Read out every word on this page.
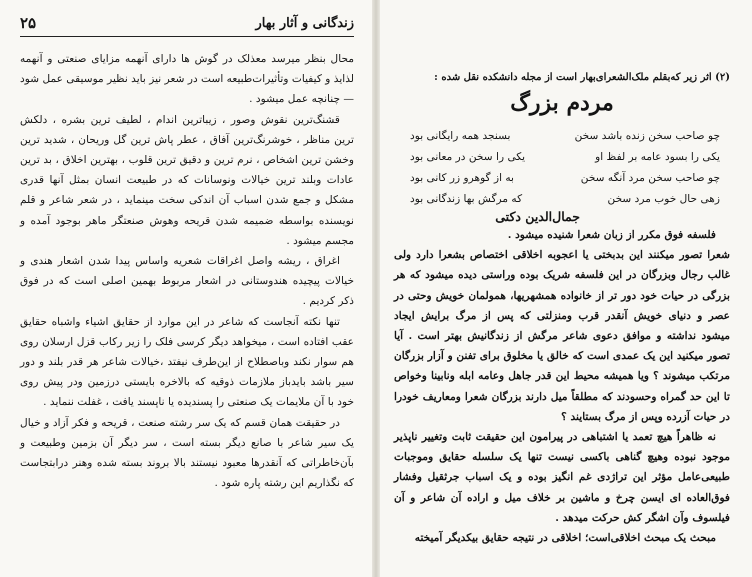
زندگانی و آثار بهار
۲۵

محال بنظر میرسد معذلک در گوش ها دارای آنهمه مزایای صنعتی و آنهمه لذایذ و کیفیات وتأثیرات‌طبیعه است در شعر نیز باید نظیر موسیقی عمل شود — چنانچه عمل میشود .

قشنگ‌ترین نقوش وصور ، زیباترین اندام ، لطیف ترین بشره ، دلکش ترین مناظر ، خوشرنگ‌ترین آفاق ، عطر پاش ترین گل وریحان ، شدید ترین وخشن ترین اشخاص ، نرم ترین و دقیق ترین قلوب ، بهترین اخلاق ، بد ترین عادات وبلند ترین خیالات ونوسانات که در طبیعت انسان بمثل آنها قدری مشکل و جمع شدن اسباب آن اندکی سخت مینماید ، در شعر شاعر و قلم نویسنده بواسطه ضمیمه شدن قریحه وهوش صنعتگر ماهر بوجود آمده و مجسم میشود .

اغراق ، ریشه واصل اغراقات شعریه واساس پیدا شدن اشعار هندی و خیالات پیچیده هندوستانی در اشعار مربوط بهمین اصلی است که در فوق ذکر کردیم .

تنها نکته آنجاست که شاعر در این موارد از حقایق اشیاء واشباه حقایق عقب‌ افتاده است ، میخواهد دیگر کرسی فلک را زیر رکاب قزل ارسلان روی هم سوار نکند وباصطلاح از این‌طرف نیفتد ،خیالات شاعر هر قدر بلند و دور سیر باشد بایدباز ملازمات ذوقیه که بالاخره بایستی درزمین ودر پیش روی خود با آن ملایمات یک صنعتی را پسندیده یا ناپسند یافت ، غفلت ننماید .

در حقیقت همان قسم که یک سر رشته صنعت ، قریحه و فکر آزاد و خیال یک سیر شاعر با صانع دیگر بسته است ، سر دیگر آن بزمین وطبیعت و بآن‌خاطراتی که آنقدرها معبود نیستند بالا بروند بسته شده وهنر درابتجاست که نگذاریم این رشته پاره شود .

(۲) اثر زیر که‌بقلم ملک‌الشعرای‌بهار است از مجله دانشکده نقل شده :
مردم بزرگ
چو صاحب سخن زنده باشد سخن
بسنجد همه رایگانی بود
یکی را بسود عامه بر لفظ او
یکی را سخن در معانی بود
چو صاحب سخن مرد آنگه سخن
به از گوهرو زر کانی بود
زهی حال خوب مرد سخن
که مرگش بها زندگانی بود
جمال‌الدین دکتی

فلسفه فوق مکرر از زبان شعرا شنیده میشود .

شعرا تصور میکنند این بدبختی یا اعجوبه اخلاقی اختصاص بشعرا دارد ولی غالب رجال وبزرگان در این فلسفه شریک بوده وراستی دیده میشود که هر بزرگی در حیات خود دور تر از خانواده همشهریها، همولمان خویش وحتی در عصر و دنیای خویش آنقدر قرب ومنزلتی که پس از مرگ برایش ایجاد میشود نداشته و موافق دعوی شاعر مرگش از زندگانیش بهتر است . آیا تصور میکنید این یک عمدی است که خالق یا مخلوق برای تفنن و آزار بزرگان مرتکب میشوند ؟ ویا همیشه محیط این قدر جاهل وعامه ابله ونابینا وخواص تا این حد گمراه وحسودند که مطلقاً میل دارند بزرگان شعرا ومعاریف خودرا در حیات آزرده وپس از مرگ بستایند ؟

نه ظاهراً هیچ تعمد یا اشتباهی در پیرامون این حقیقت ثابت وتغییر ناپذیر موجود نبوده وهیچ گناهی باکسی نیست تنها یک سلسله حقایق وموجبات طبیعی‌عامل مؤثر این تراژدی غم انگیز بوده و یک اسباب جرثقیل وفشار فوق‌العاده ای ایسن چرخ و ماشین بر خلاف میل و اراده آن شاعر و آن فیلسوف وآن اشگر کش حرکت میدهد .

مبحث یک مبحث اخلاقی‌است؛ اخلاقی در نتیجه حقایق بیکدیگر آمیخته
